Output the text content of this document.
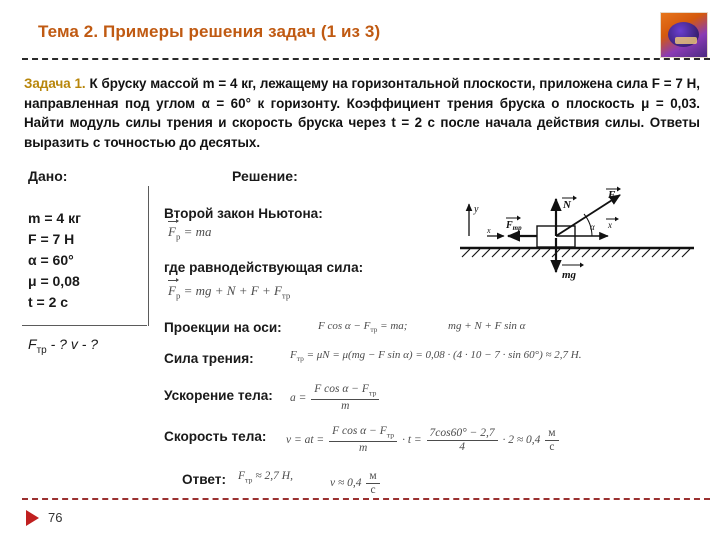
Тема 2. Примеры решения задач (1 из 3)
Задача 1. К бруску массой m = 4 кг, лежащему на горизонтальной плоскости, приложена сила F = 7 Н, направленная под углом α = 60° к горизонту. Коэффициент трения бруска о плоскость μ = 0,03. Найти модуль силы трения и скорость бруска через t = 2 с после начала действия силы. Ответы выразить с точностью до десятых.
Дано:
m = 4 кг
F = 7 Н
α = 60°
μ = 0,08
t = 2 с
$F_{тр}$ - ? v - ?
Решение:
Второй закон Ньютона:
$F_р$ = ma
где равнодействующая сила:
$F_р$ = mg + $N + F + F_{тр}$
Проекции на оси:	F $\cos \alpha - F_{тр}$ = ma;	mg + N + F sin α
Сила трения:	$F_{тр} = \mu N = \mu(mg - F$ sin α) = 0,08 · (4 · 10 − 7 · sin 60°) ≈ 2,7 Н.
Ускорение тела: $a = \frac{F \cos \alpha - F_{тр}}{m}$
Скорость тела: v = at = $\frac{F \cos \alpha - F_{тр}}{m} \cdot t = \frac{7\cos 60^\circ - 2,7}{4} \cdot 2 \approx 0,4 \frac{м}{с}$
Ответ: $F_{тр} \approx 2,7$ Н,
$v \approx 0,4 \frac{м}{с}$
y
x
N
mg
$F_{тр}$
F
α x
76
